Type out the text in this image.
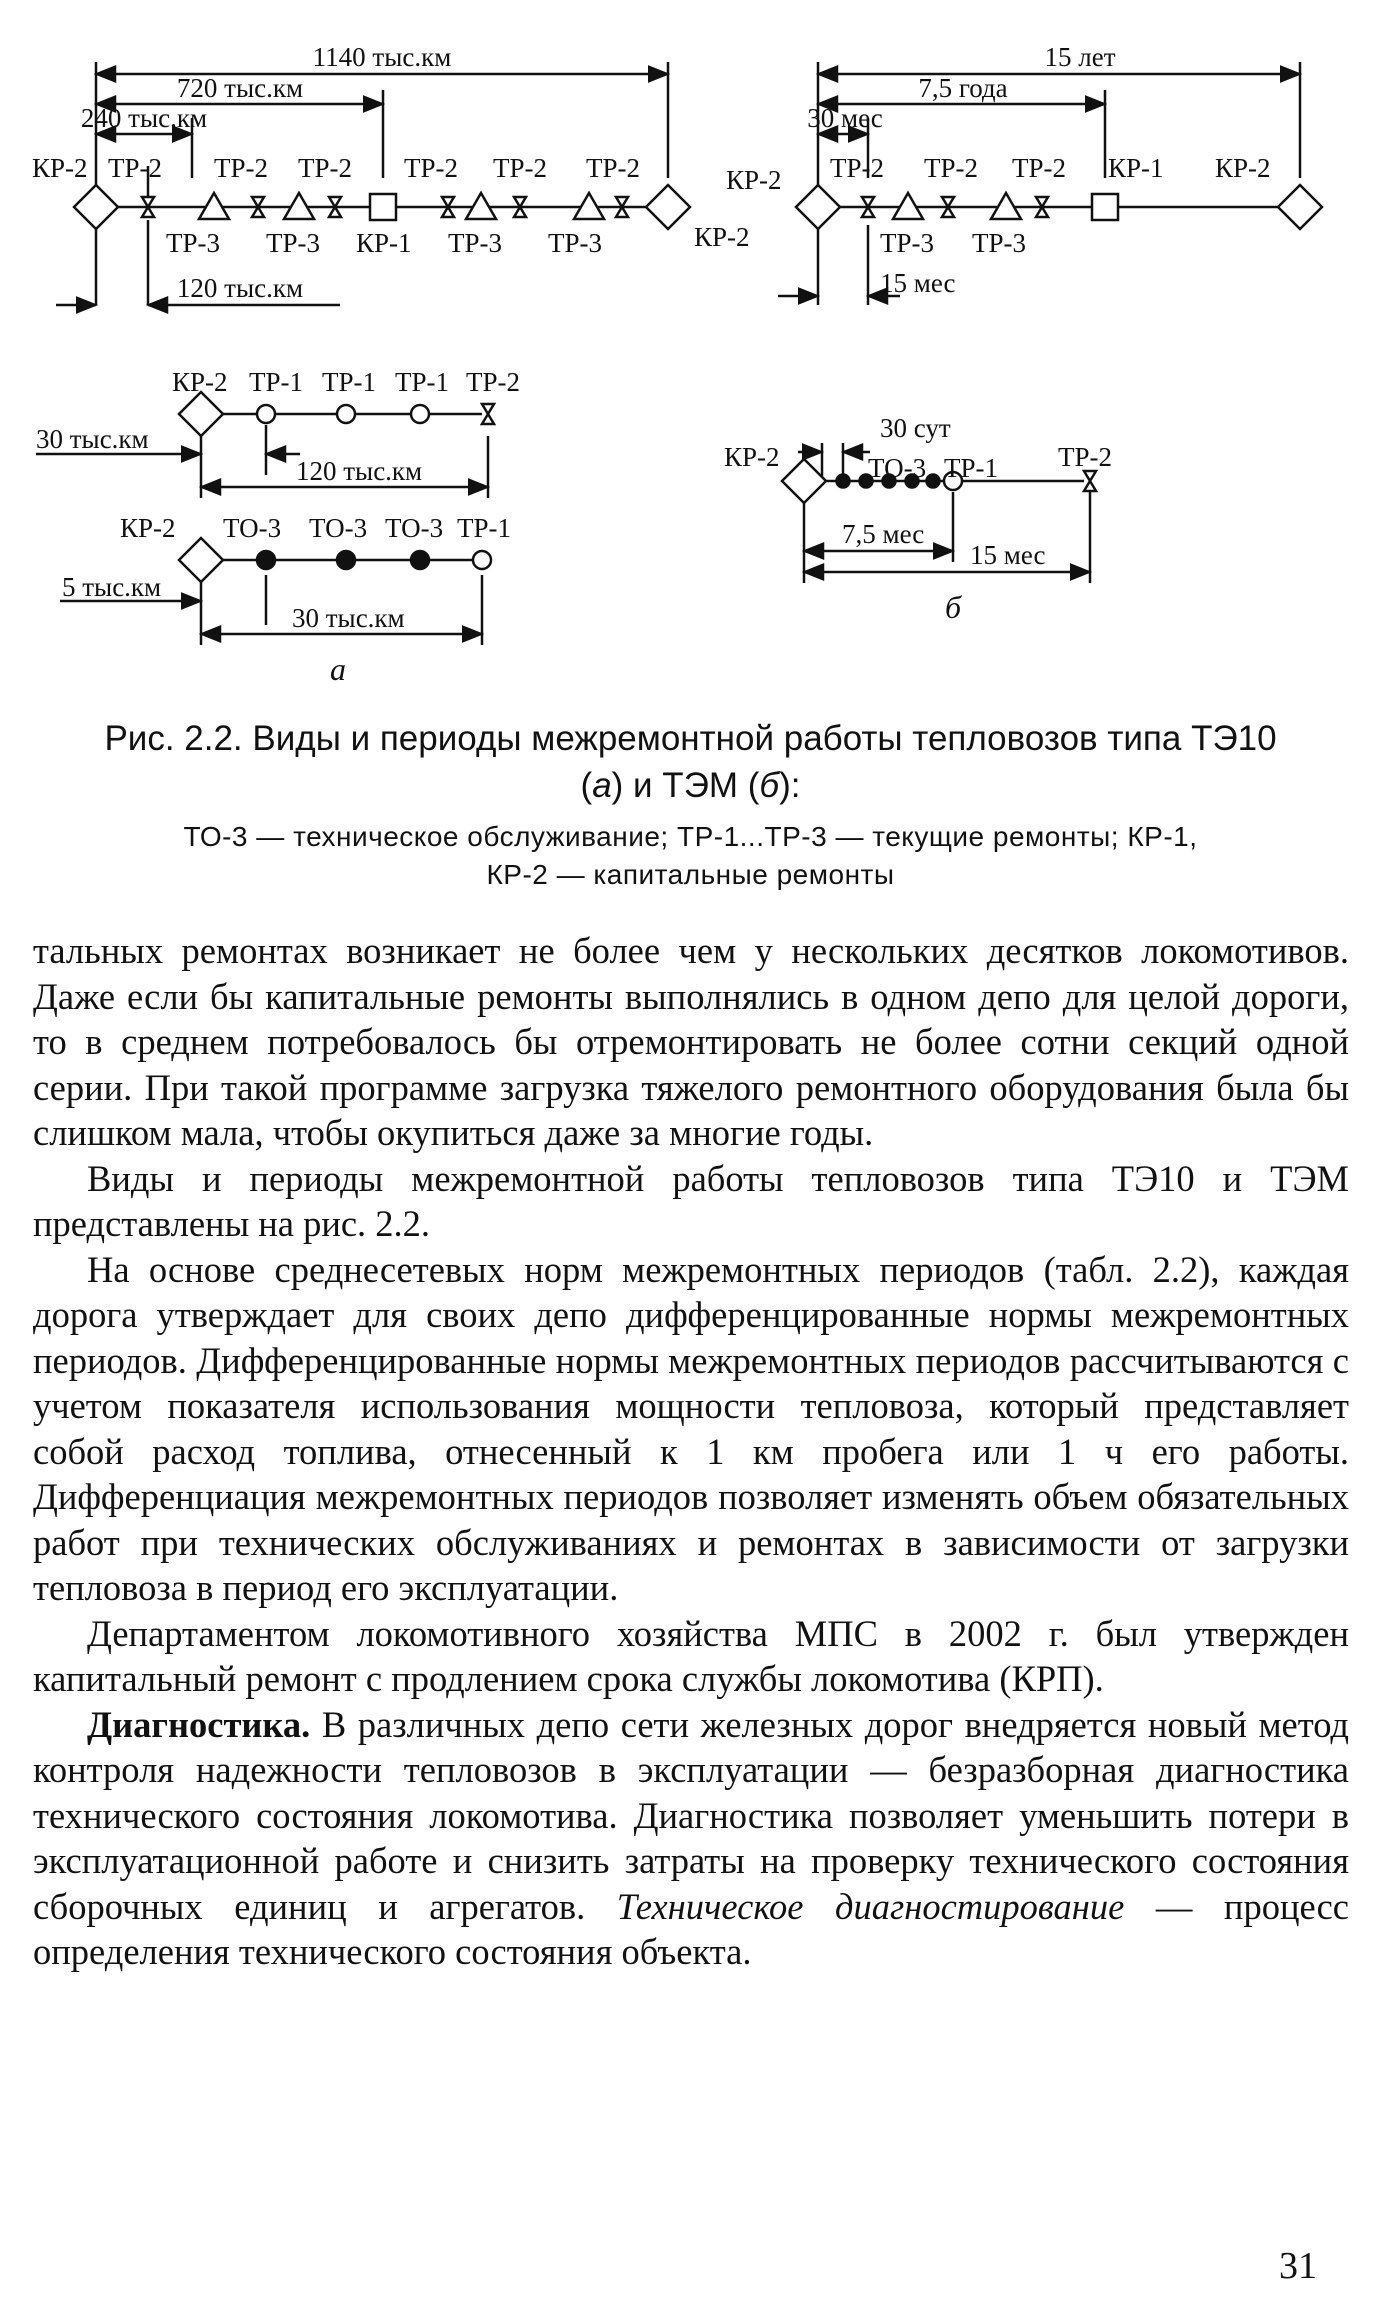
1140 тыс.км
720 тыс.км
240 тыс.км
120 тыс.км
КР-2
КР-2
ТР-2 ТР-2 ТР-2 ТР-2 ТР-2 ТР-2
ТР-3 ТР-3	ТР-3 ТР-3
КР-1
15 лет
7,5 года
30 мес
15 мес
КР-2	КР-2
ТР-2 ТР-2 ТР-2 КР-1
ТР-3 ТР-3
КР-2 ТР-1 ТР-1 ТР-1 ТР-2
30 тыс.км
120 тыс.км
КР-2 ТО-3 ТО-3 ТО-3 ТР-1
5 тыс.км
30 тыс.км
а
КР-2
30 сут
ТО-3 ТР-1 ТР-2
7,5 мес
15 мес
б
Рис. 2.2. Виды и периоды межремонтной работы тепловозов типа ТЭ10
(а) и ТЭМ (б):
ТО-3 — техническое обслуживание; ТР-1...ТР-3 — текущие ремонты; КР-1,
КР-2 — капитальные ремонты

тальных ремонтах возникает не более чем у нескольких десятков локомотивов. Даже если бы капитальные ремонты выполнялись в одном депо для целой дороги, то в среднем потребовалось бы отремонтировать не более сотни секций одной серии. При такой программе загрузка тяжелого ремонтного оборудования была бы слишком мала, чтобы окупиться даже за многие годы.

Виды и периоды межремонтной работы тепловозов типа ТЭ10 и ТЭМ представлены на рис. 2.2.

На основе среднесетевых норм межремонтных периодов (табл. 2.2), каждая дорога утверждает для своих депо дифференцированные нормы межремонтных периодов. Дифференцированные нормы межремонтных периодов рассчитываются с учетом показателя использования мощности тепловоза, который представляет собой расход топлива, отнесенный к 1 км пробега или 1 ч его работы. Дифференциация межремонтных периодов позволяет изменять объем обязательных работ при технических обслуживаниях и ремонтах в зависимости от загрузки тепловоза в период его эксплуатации.

Департаментом локомотивного хозяйства МПС в 2002 г. был утвержден капитальный ремонт с продлением срока службы локомотива (КРП).

Диагностика. В различных депо сети железных дорог внедряется новый метод контроля надежности тепловозов в эксплуатации — безразборная диагностика технического состояния локомотива. Диагностика позволяет уменьшить потери в эксплуатационной работе и снизить затраты на проверку технического состояния сборочных единиц и агрегатов. Техническое диагностирование — процесс определения технического состояния объекта.

31
